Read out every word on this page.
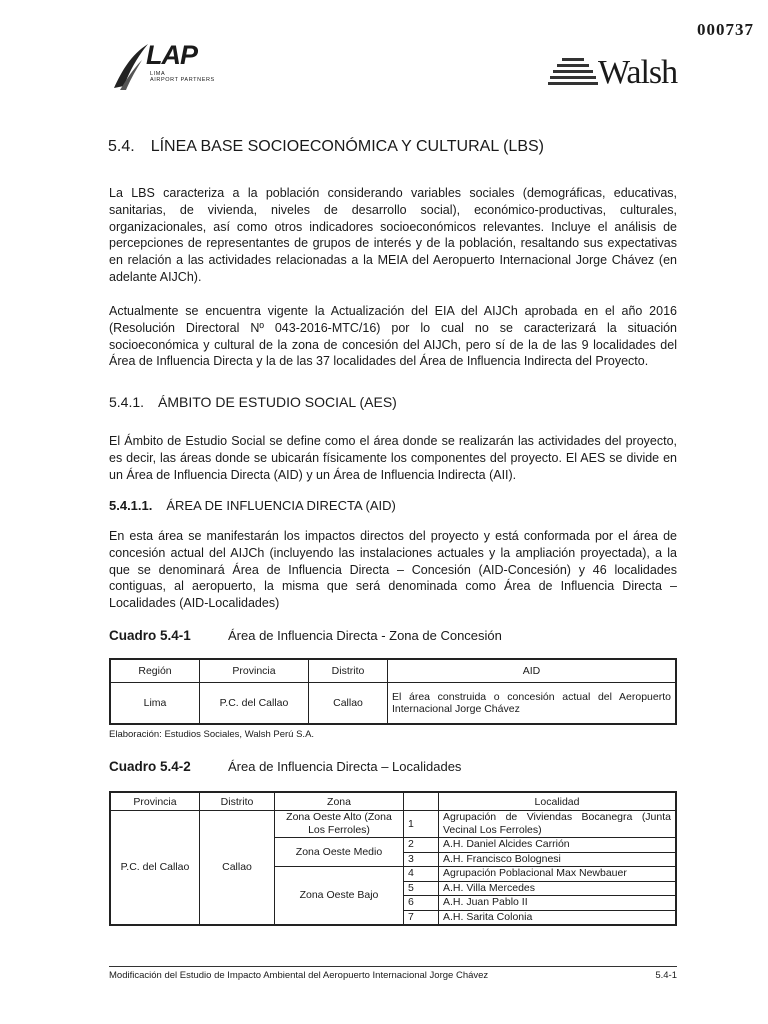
000737
LAP
LIMA
AIRPORT PARTNERS	Walsh
5.4. LÍNEA BASE SOCIOECONÓMICA Y CULTURAL (LBS)
La LBS caracteriza a la población considerando variables sociales (demográficas, educativas, sanitarias, de vivienda, niveles de desarrollo social), económico-productivas, culturales, organizacionales, así como otros indicadores socioeconómicos relevantes. Incluye el análisis de percepciones de representantes de grupos de interés y de la población, resaltando sus expectativas en relación a las actividades relacionadas a la MEIA del Aeropuerto Internacional Jorge Chávez (en adelante AIJCh).
Actualmente se encuentra vigente la Actualización del EIA del AIJCh aprobada en el año 2016 (Resolución Directoral Nº 043-2016-MTC/16) por lo cual no se caracterizará la situación socioeconómica y cultural de la zona de concesión del AIJCh, pero sí de la de las 9 localidades del Área de Influencia Directa y la de las 37 localidades del Área de Influencia Indirecta del Proyecto.
5.4.1. ÁMBITO DE ESTUDIO SOCIAL (AES)
El Ámbito de Estudio Social se define como el área donde se realizarán las actividades del proyecto, es decir, las áreas donde se ubicarán físicamente los componentes del proyecto. El AES se divide en un Área de Influencia Directa (AID) y un Área de Influencia Indirecta (AII).
5.4.1.1. ÁREA DE INFLUENCIA DIRECTA (AID)
En esta área se manifestarán los impactos directos del proyecto y está conformada por el área de concesión actual del AIJCh (incluyendo las instalaciones actuales y la ampliación proyectada), a la que se denominará Área de Influencia Directa – Concesión (AID-Concesión) y 46 localidades contiguas, al aeropuerto, la misma que será denominada como Área de Influencia Directa – Localidades (AID-Localidades)
Cuadro 5.4-1	Área de Influencia Directa - Zona de Concesión
Región	Provincia	Distrito	AID
Lima	P.C. del Callao	Callao	El área construida o concesión actual del Aeropuerto Internacional Jorge Chávez
Elaboración: Estudios Sociales, Walsh Perú S.A.
Cuadro 5.4-2	Área de Influencia Directa – Localidades
Provincia	Distrito	Zona		Localidad
P.C. del Callao	Callao	Zona Oeste Alto (Zona Los Ferroles)	1	Agrupación de Viviendas Bocanegra (Junta Vecinal Los Ferroles)
		Zona Oeste Medio	2	A.H. Daniel Alcides Carrión
			3	A.H. Francisco Bolognesi
		Zona Oeste Bajo	4	Agrupación Poblacional Max Newbauer
			5	A.H. Villa Mercedes
			6	A.H. Juan Pablo II
			7	A.H. Sarita Colonia
Modificación del Estudio de Impacto Ambiental del Aeropuerto Internacional Jorge Chávez	5.4-1
